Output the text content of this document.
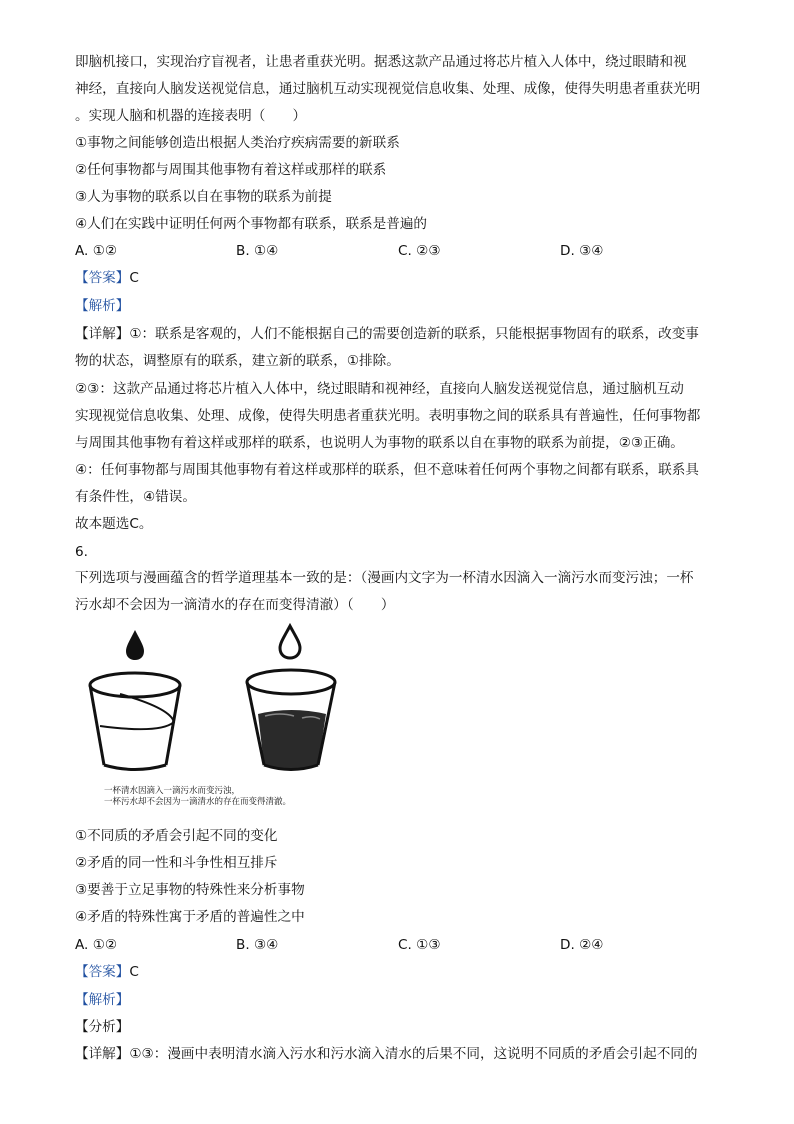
即脑机接口，实现治疗盲视者，让患者重获光明。据悉这款产品通过将芯片植入人体中，绕过眼睛和视
神经，直接向人脑发送视觉信息，通过脑机互动实现视觉信息收集、处理、成像，使得失明患者重获光明
。实现人脑和机器的连接表明（　　）
①事物之间能够创造出根据人类治疗疾病需要的新联系
②任何事物都与周围其他事物有着这样或那样的联系
③人为事物的联系以自在事物的联系为前提
④人们在实践中证明任何两个事物都有联系，联系是普遍的
A. ①②	B. ①④	C. ②③	D. ③④
【答案】C
【解析】
【详解】①：联系是客观的，人们不能根据自己的需要创造新的联系，只能根据事物固有的联系，改变事
物的状态，调整原有的联系，建立新的联系，①排除。
②③：这款产品通过将芯片植入人体中，绕过眼睛和视神经，直接向人脑发送视觉信息，通过脑机互动
实现视觉信息收集、处理、成像，使得失明患者重获光明。表明事物之间的联系具有普遍性，任何事物都
与周围其他事物有着这样或那样的联系，也说明人为事物的联系以自在事物的联系为前提，②③正确。
④：任何事物都与周围其他事物有着这样或那样的联系，但不意味着任何两个事物之间都有联系，联系具
有条件性，④错误。
故本题选C。
6.
下列选项与漫画蕴含的哲学道理基本一致的是：（漫画内文字为一杯清水因滴入一滴污水而变污浊；一杯
污水却不会因为一滴清水的存在而变得清澈）（　　）
一杯清水因滴入一滴污水而变污浊，
一杯污水却不会因为一滴清水的存在而变得清澈。
①不同质的矛盾会引起不同的变化
②矛盾的同一性和斗争性相互排斥
③要善于立足事物的特殊性来分析事物
④矛盾的特殊性寓于矛盾的普遍性之中
A. ①②	B. ③④	C. ①③	D. ②④
【答案】C
【解析】
【分析】
【详解】①③：漫画中表明清水滴入污水和污水滴入清水的后果不同，这说明不同质的矛盾会引起不同的
